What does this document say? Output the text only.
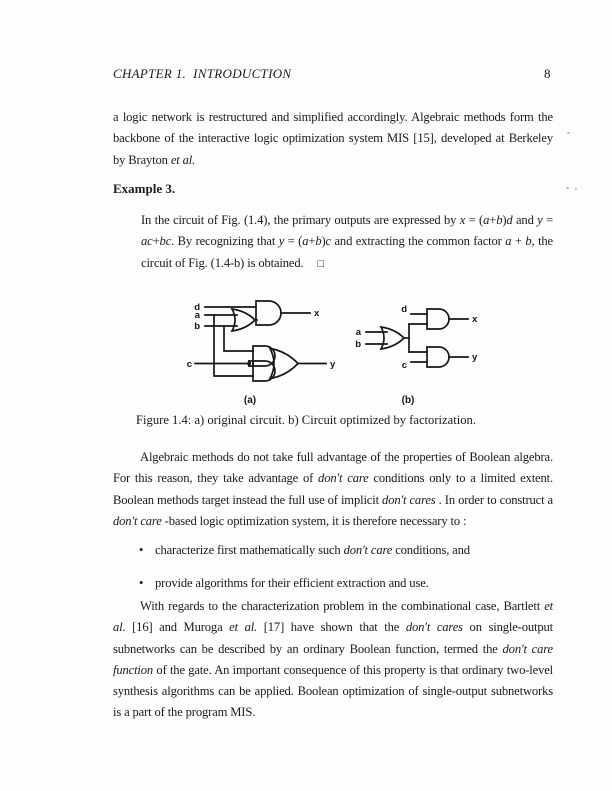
CHAPTER 1.  INTRODUCTION	8

a logic network is restructured and simplified accordingly. Algebraic methods form the backbone of the interactive logic optimization system MIS [15], developed at Berkeley by Brayton et al.

Example 3.

In the circuit of Fig. (1.4), the primary outputs are expressed by x = (a+b)d and y = ac+bc. By recognizing that y = (a+b)c and extracting the common factor a + b, the circuit of Fig. (1.4-b) is obtained. □

d
a
b
c
x
y
(a)
d
a
b
c
x
y
(b)
Figure 1.4: a) original circuit. b) Circuit optimized by factorization.

Algebraic methods do not take full advantage of the properties of Boolean algebra. For this reason, they take advantage of don't care conditions only to a limited extent. Boolean methods target instead the full use of implicit don't cares . In order to construct a don't care -based logic optimization system, it is therefore necessary to :

• characterize first mathematically such don't care conditions, and
• provide algorithms for their efficient extraction and use.

With regards to the characterization problem in the combinational case, Bartlett et al. [16] and Muroga et al. [17] have shown that the don't cares on single-output subnetworks can be described by an ordinary Boolean function, termed the don't care function of the gate. An important consequence of this property is that ordinary two-level synthesis algorithms can be applied. Boolean optimization of single-output subnetworks is a part of the program MIS.
